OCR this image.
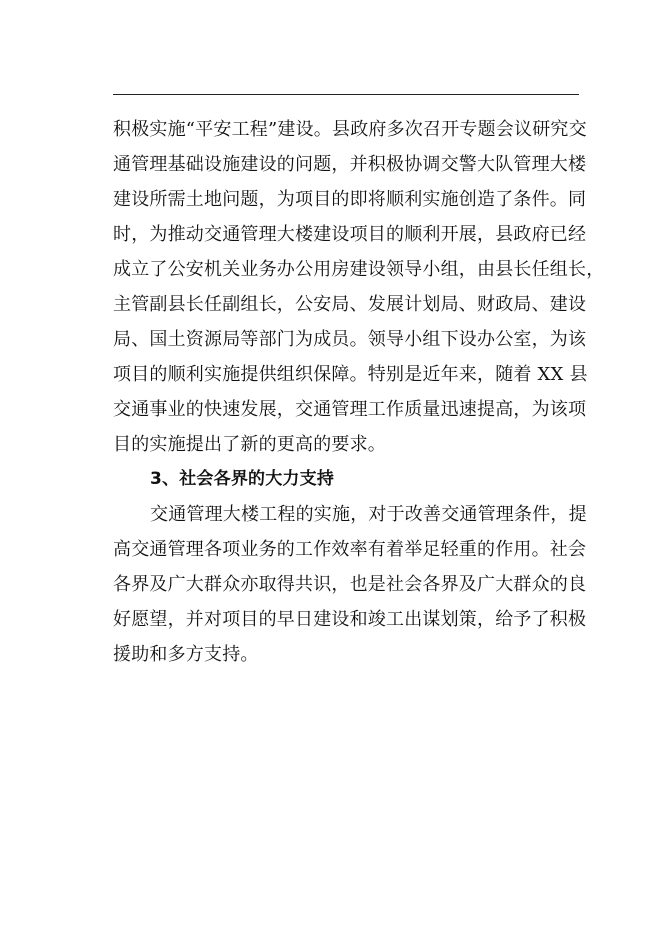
积极实施“平安工程”建设。县政府多次召开专题会议研究交
通管理基础设施建设的问题，并积极协调交警大队管理大楼
建设所需土地问题，为项目的即将顺利实施创造了条件。同
时，为推动交通管理大楼建设项目的顺利开展，县政府已经
成立了公安机关业务办公用房建设领导小组，由县长任组长，
主管副县长任副组长，公安局、发展计划局、财政局、建设
局、国土资源局等部门为成员。领导小组下设办公室，为该
项目的顺利实施提供组织保障。特别是近年来，随着 XX 县
交通事业的快速发展，交通管理工作质量迅速提高，为该项
目的实施提出了新的更高的要求。
3、社会各界的大力支持
交通管理大楼工程的实施，对于改善交通管理条件，提
高交通管理各项业务的工作效率有着举足轻重的作用。社会
各界及广大群众亦取得共识，也是社会各界及广大群众的良
好愿望，并对项目的早日建设和竣工出谋划策，给予了积极
援助和多方支持。
